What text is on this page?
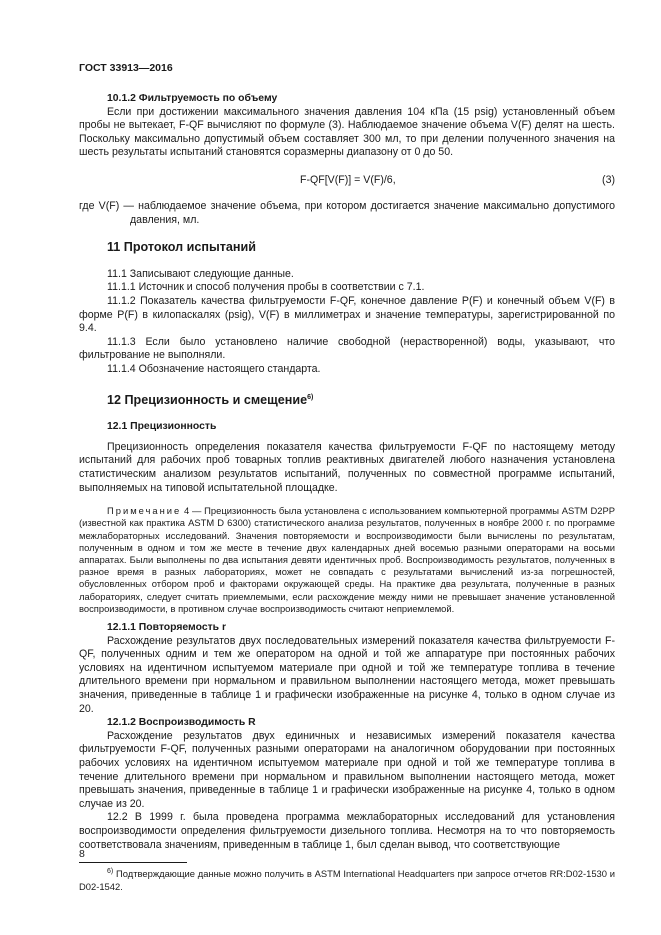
ГОСТ 33913—2016

10.1.2 Фильтруемость по объему

Если при достижении максимального значения давления 104 кПа (15 psig) установленный объем пробы не вытекает, F-QF вычисляют по формуле (3). Наблюдаемое значение объема V(F) делят на шесть. Поскольку максимально допустимый объем составляет 300 мл, то при делении полученного значения на шесть результаты испытаний становятся соразмерны диапазону от 0 до 50.

F-QF[V(F)] = V(F)/6,	(3)

где V(F) — наблюдаемое значение объема, при котором достигается значение максимально допустимого давления, мл.

11 Протокол испытаний

11.1 Записывают следующие данные.

11.1.1 Источник и способ получения пробы в соответствии с 7.1.

11.1.2 Показатель качества фильтруемости F-QF, конечное давление P(F) и конечный объем V(F) в форме P(F) в килопаскалях (psig), V(F) в миллиметрах и значение температуры, зарегистрированной по 9.4.

11.1.3 Если было установлено наличие свободной (нерастворенной) воды, указывают, что фильтрование не выполняли.

11.1.4 Обозначение настоящего стандарта.

12 Прецизионность и смещение$^{6)}$

12.1 Прецизионность

Прецизионность определения показателя качества фильтруемости F-QF по настоящему методу испытаний для рабочих проб товарных топлив реактивных двигателей любого назначения установлена статистическим анализом результатов испытаний, полученных по совместной программе испытаний, выполняемых на типовой испытательной площадке.

Примечание 4 — Прецизионность была установлена с использованием компьютерной программы ASTM D2PP (известной как практика ASTM D 6300) статистического анализа результатов, полученных в ноябре 2000 г. по программе межлабораторных исследований. Значения повторяемости и воспроизводимости были вычислены по результатам, полученным в одном и том же месте в течение двух календарных дней восемью разными операторами на восьми аппаратах. Были выполнены по два испытания девяти идентичных проб. Воспроизводимость результатов, полученных в разное время в разных лабораториях, может не совпадать с результатами вычислений из-за погрешностей, обусловленных отбором проб и факторами окружающей среды. На практике два результата, полученные в разных лабораториях, следует считать приемлемыми, если расхождение между ними не превышает значение установленной воспроизводимости, в противном случае воспроизводимость считают неприемлемой.

12.1.1 Повторяемость r

Расхождение результатов двух последовательных измерений показателя качества фильтруемости F-QF, полученных одним и тем же оператором на одной и той же аппаратуре при постоянных рабочих условиях на идентичном испытуемом материале при одной и той же температуре топлива в течение длительного времени при нормальном и правильном выполнении настоящего метода, может превышать значения, приведенные в таблице 1 и графически изображенные на рисунке 4, только в одном случае из 20.

12.1.2 Воспроизводимость R

Расхождение результатов двух единичных и независимых измерений показателя качества фильтруемости F-QF, полученных разными операторами на аналогичном оборудовании при постоянных рабочих условиях на идентичном испытуемом материале при одной и той же температуре топлива в течение длительного времени при нормальном и правильном выполнении настоящего метода, может превышать значения, приведенные в таблице 1 и графически изображенные на рисунке 4, только в одном случае из 20.

12.2 В 1999 г. была проведена программа межлабораторных исследований для установления воспроизводимости определения фильтруемости дизельного топлива. Несмотря на то что повторяемость соответствовала значениям, приведенным в таблице 1, был сделан вывод, что соответствующие

$^{6)}$ Подтверждающие данные можно получить в ASTM International Headquarters при запросе отчетов RR:D02-1530 и D02-1542.

8
